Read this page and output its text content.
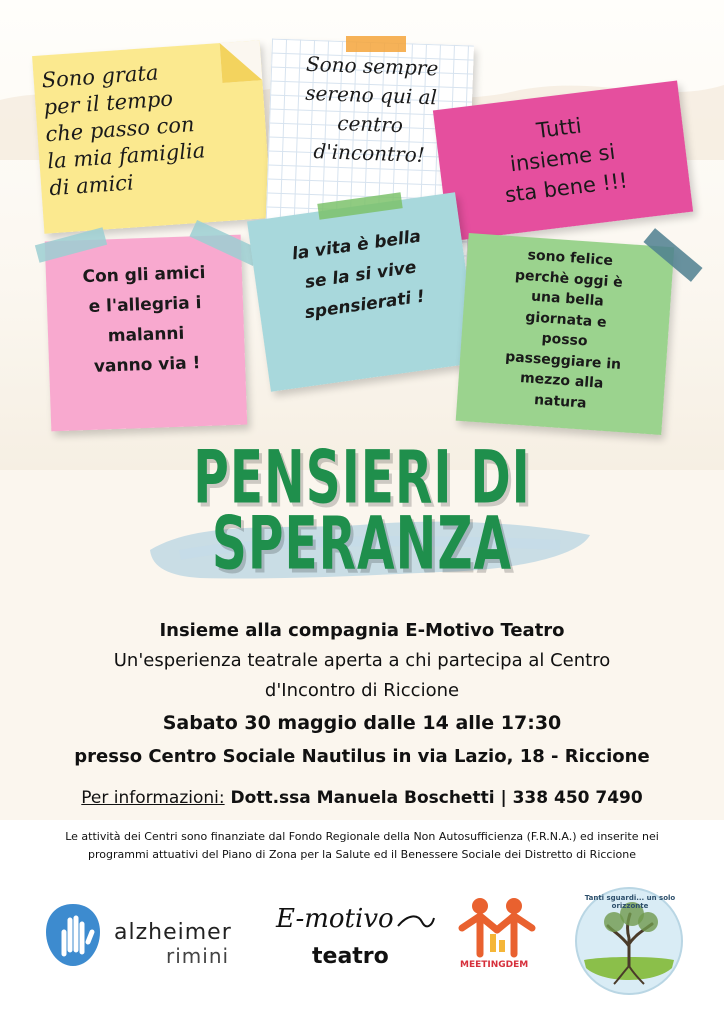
Sono grata
per il tempo
che passo con
la mia famiglia
di amici
Sono sempre
sereno qui al
centro
d'incontro!
Tutti
insieme si
sta bene !!!
Con gli amici
e l'allegria i
malanni
vanno via !
la vita è bella
se la si vive
spensierati !
sono felice
perchè oggi è
una bella
giornata e
posso
passeggiare in
mezzo alla
natura
PENSIERI DI
SPERANZA
Insieme alla compagnia E-Motivo Teatro
Un'esperienza teatrale aperta a chi partecipa al Centro
d'Incontro di Riccione
Sabato 30 maggio dalle 14 alle 17:30
presso Centro Sociale Nautilus in via Lazio, 18 - Riccione
Per informazioni: Dott.ssa Manuela Boschetti | 338 450 7490
Le attività dei Centri sono finanziate dal Fondo Regionale della Non Autosufficienza (F.R.N.A.) ed inserite nei
programmi attuativi del Piano di Zona per la Salute ed il Benessere Sociale dei Distretto di Riccione
alzheimer
rimini
E-motivo
teatro	MEETINGDEM
Tanti sguardi... un solo orizzonte
